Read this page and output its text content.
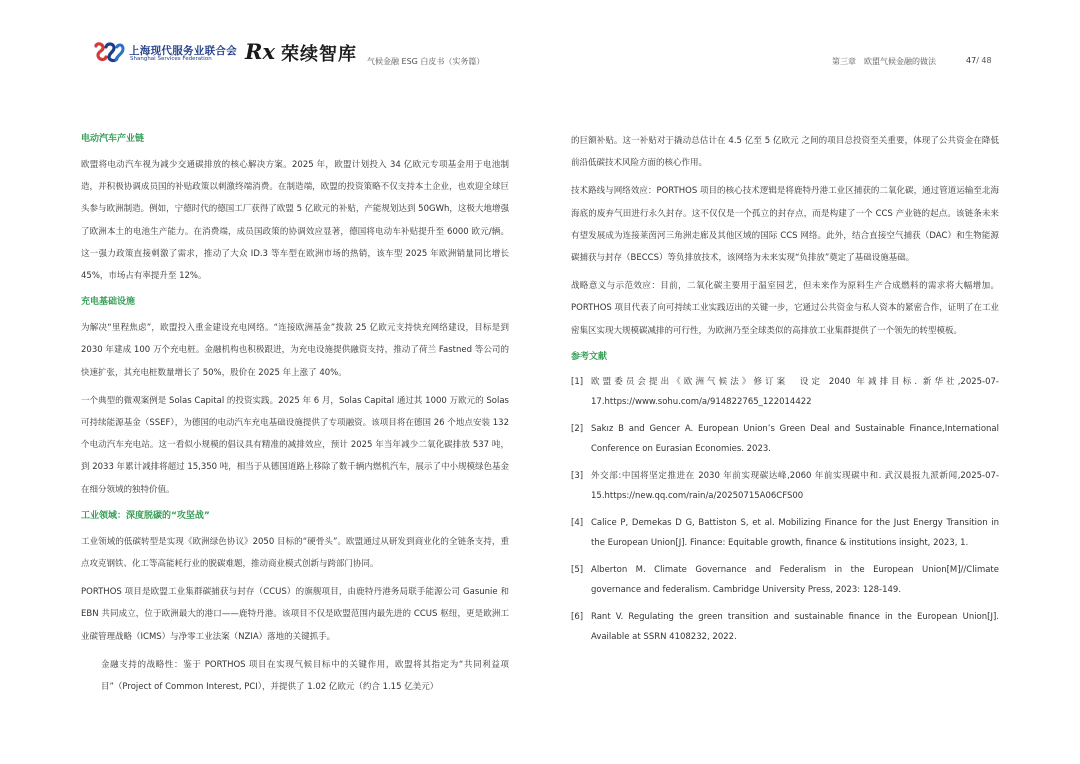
上海现代服务业联合会
Shanghai Services Federation Rx 荣续智库 气候金融 ESG 白皮书（实务篇）	第三章　欧盟气候金融的做法	47/ 48
电动汽车产业链
欧盟将电动汽车视为减少交通碳排放的核心解决方案。2025 年，欧盟计划投入 34 亿欧元专项基金用于电池制造，并积极协调成员国的补贴政策以刺激终端消费。在制造端，欧盟的投资策略不仅支持本土企业，也欢迎全球巨头参与欧洲制造。例如，宁德时代的德国工厂获得了欧盟 5 亿欧元的补贴，产能规划达到 50GWh，这极大地增强了欧洲本土的电池生产能力。在消费端，成员国政策的协调效应显著，德国将电动车补贴提升至 6000 欧元/辆。这一强力政策直接刺激了需求，推动了大众 ID.3 等车型在欧洲市场的热销，该车型 2025 年欧洲销量同比增长 45%，市场占有率提升至 12%。
充电基础设施
为解决“里程焦虑”，欧盟投入重金建设充电网络。“连接欧洲基金”拨款 25 亿欧元支持快充网络建设，目标是到 2030 年建成 100 万个充电桩。金融机构也积极跟进，为充电设施提供融资支持，推动了荷兰 Fastned 等公司的快速扩张，其充电桩数量增长了 50%，股价在 2025 年上涨了 40%。
一个典型的微观案例是 Solas Capital 的投资实践。2025 年 6 月，Solas Capital 通过其 1000 万欧元的 Solas 可持续能源基金（SSEF），为德国的电动汽车充电基础设施提供了专项融资。该项目将在德国 26 个地点安装 132 个电动汽车充电站。这一看似小规模的倡议具有精准的减排效应，预计 2025 年当年减少二氧化碳排放 537 吨，到 2033 年累计减排将超过 15,350 吨，相当于从德国道路上移除了数千辆内燃机汽车，展示了中小规模绿色基金在细分领域的独特价值。
工业领域：深度脱碳的“攻坚战”
工业领域的低碳转型是实现《欧洲绿色协议》2050 目标的“硬骨头”。欧盟通过从研发到商业化的全链条支持，重点攻克钢铁、化工等高能耗行业的脱碳难题，推动商业模式创新与跨部门协同。
PORTHOS 项目是欧盟工业集群碳捕获与封存（CCUS）的旗舰项目，由鹿特丹港务局联手能源公司 Gasunie 和 EBN 共同成立，位于欧洲最大的港口——鹿特丹港。该项目不仅是欧盟范围内最先进的 CCUS 枢纽，更是欧洲工业碳管理战略（ICMS）与净零工业法案（NZIA）落地的关键抓手。
金融支持的战略性：鉴于 PORTHOS 项目在实现气候目标中的关键作用，欧盟将其指定为“共同利益项目”（Project of Common Interest, PCI），并提供了 1.02 亿欧元（约合 1.15 亿美元）
的巨额补贴。这一补贴对于撬动总估计在 4.5 亿至 5 亿欧元 之间的项目总投资至关重要，体现了公共资金在降低前沿低碳技术风险方面的核心作用。
技术路线与网络效应：PORTHOS 项目的核心技术逻辑是将鹿特丹港工业区捕获的二氧化碳，通过管道运输至北海海底的废弃气田进行永久封存。这不仅仅是一个孤立的封存点，而是构建了一个 CCS 产业链的起点。该链条未来有望发展成为连接莱茵河三角洲走廊及其他区域的国际 CCS 网络。此外，结合直接空气捕获（DAC）和生物能源碳捕获与封存（BECCS）等负排放技术，该网络为未来实现“负排放”奠定了基础设施基础。
战略意义与示范效应：目前，二氧化碳主要用于温室园艺，但未来作为原料生产合成燃料的需求将大幅增加。PORTHOS 项目代表了向可持续工业实践迈出的关键一步，它通过公共资金与私人资本的紧密合作，证明了在工业密集区实现大规模碳减排的可行性，为欧洲乃至全球类似的高排放工业集群提供了一个领先的转型模板。
参考文献
[1] 欧盟委员会提出《欧洲气候法》修订案　设定 2040 年减排目标. 新华社,2025-07-17.https://www.sohu.com/a/914822765_122014422
[2] Sakız B and Gencer A. European Union’s Green Deal and Sustainable Finance,International Conference on Eurasian Economies. 2023.
[3] 外交部:中国将坚定推进在 2030 年前实现碳达峰,2060 年前实现碳中和. 武汉晨报九派新闻,2025-07-15.https://new.qq.com/rain/a/20250715A06CFS00
[4] Calice P, Demekas D G, Battiston S, et al. Mobilizing Finance for the Just Energy Transition in the European Union[J]. Finance: Equitable growth, finance & institutions insight, 2023, 1.
[5] Alberton M. Climate Governance and Federalism in the European Union[M]//Climate governance and federalism. Cambridge University Press, 2023: 128-149.
[6] Rant V. Regulating the green transition and sustainable finance in the European Union[J]. Available at SSRN 4108232, 2022.
